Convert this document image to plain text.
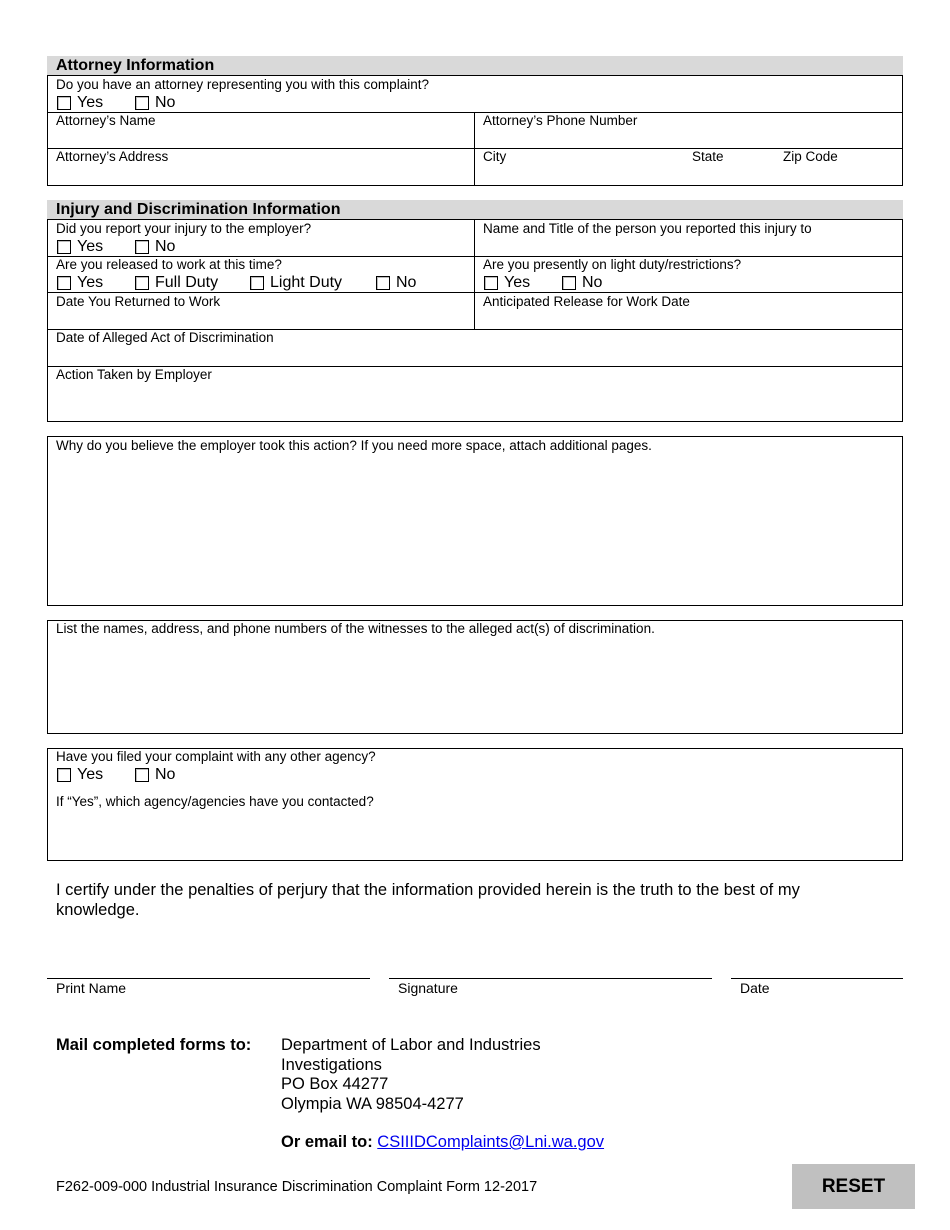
Attorney Information
Do you have an attorney representing you with this complaint?
Yes	No
Attorney’s Name	Attorney’s Phone Number
Attorney’s Address	City	State	Zip Code
Injury and Discrimination Information
Did you report your injury to the employer?
Yes	No
Name and Title of the person you reported this injury to
Are you released to work at this time?
Yes	Full Duty	Light Duty	No
Are you presently on light duty/restrictions?
Yes	No
Date You Returned to Work	Anticipated Release for Work Date
Date of Alleged Act of Discrimination
Action Taken by Employer
Why do you believe the employer took this action? If you need more space, attach additional pages.
List the names, address, and phone numbers of the witnesses to the alleged act(s) of discrimination.
Have you filed your complaint with any other agency?
Yes	No
If “Yes”, which agency/agencies have you contacted?
I certify under the penalties of perjury that the information provided herein is the truth to the best of my knowledge.
Print Name	Signature	Date
Mail completed forms to: Department of Labor and Industries
Investigations
PO Box 44277
Olympia WA 98504-4277
Or email to: CSIIIDComplaints@Lni.wa.gov
F262-009-000 Industrial Insurance Discrimination Complaint Form 12-2017	RESET
